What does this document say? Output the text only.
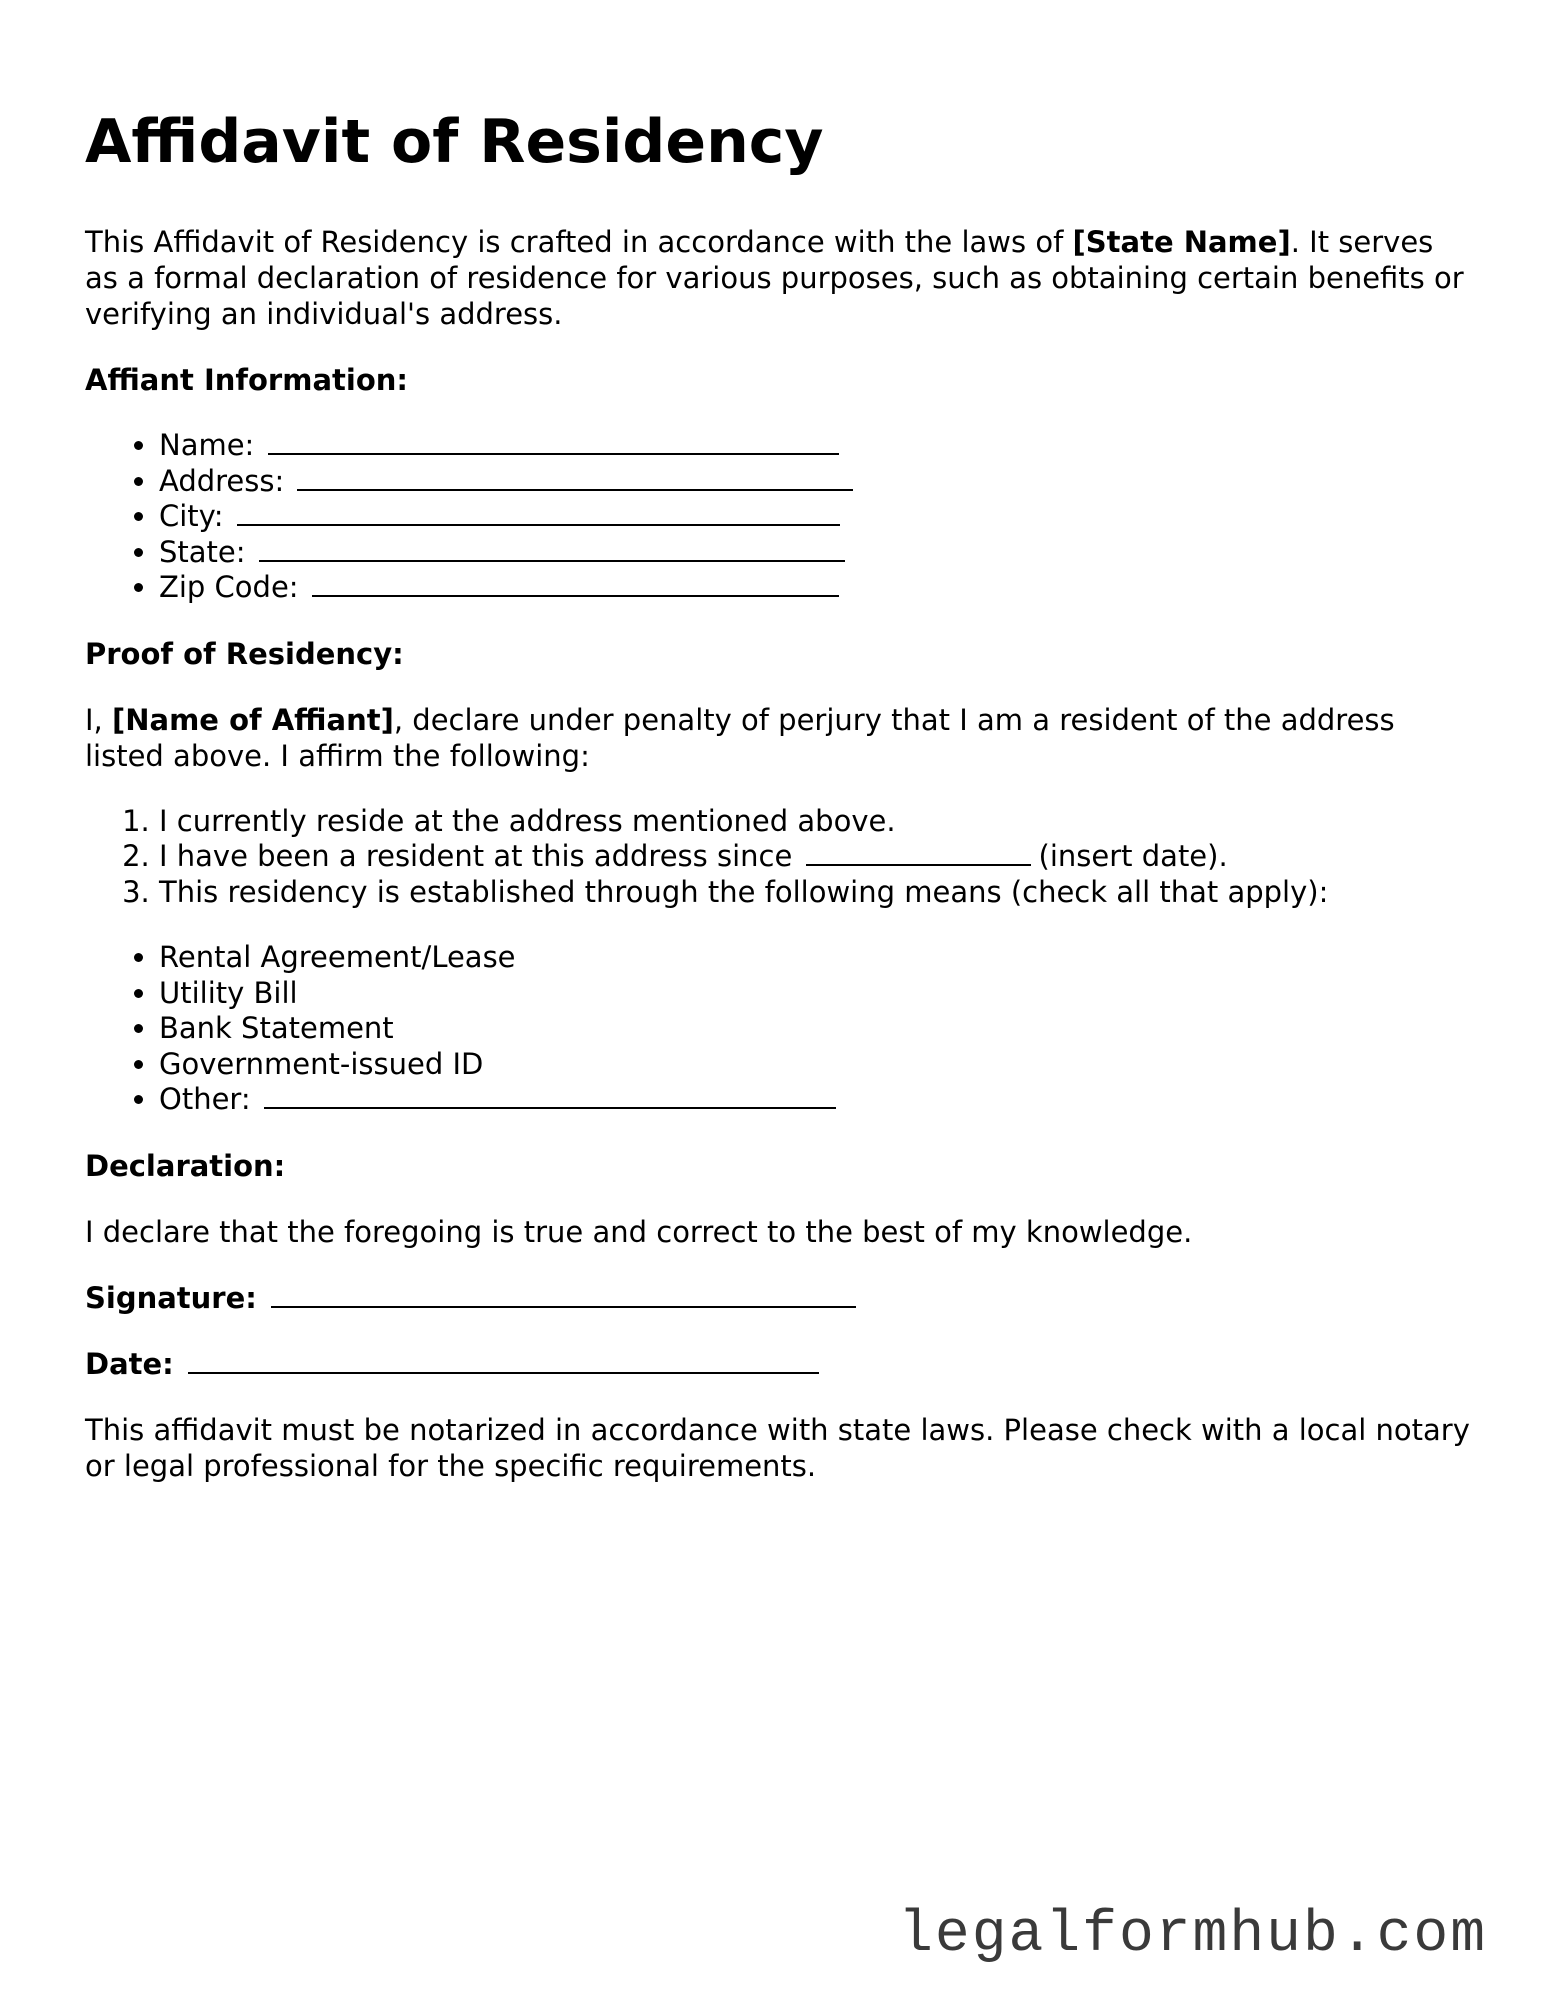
Affidavit of Residency

This Affidavit of Residency is crafted in accordance with the laws of [State Name]. It serves as a formal declaration of residence for various purposes, such as obtaining certain benefits or verifying an individual's address.

Affiant Information:
• Name:
• Address:
• City:
• State:
• Zip Code:
Proof of Residency:

I, [Name of Affiant], declare under penalty of perjury that I am a resident of the address listed above. I affirm the following:

1. I currently reside at the address mentioned above.
2. I have been a resident at this address since	(insert date).
3. This residency is established through the following means (check all that apply):
• Rental Agreement/Lease
• Utility Bill
• Bank Statement
• Government-issued ID
• Other:
Declaration:

I declare that the foregoing is true and correct to the best of my knowledge.

Signature:
Date:

This affidavit must be notarized in accordance with state laws. Please check with a local notary or legal professional for the specific requirements.

legalformhub.com
